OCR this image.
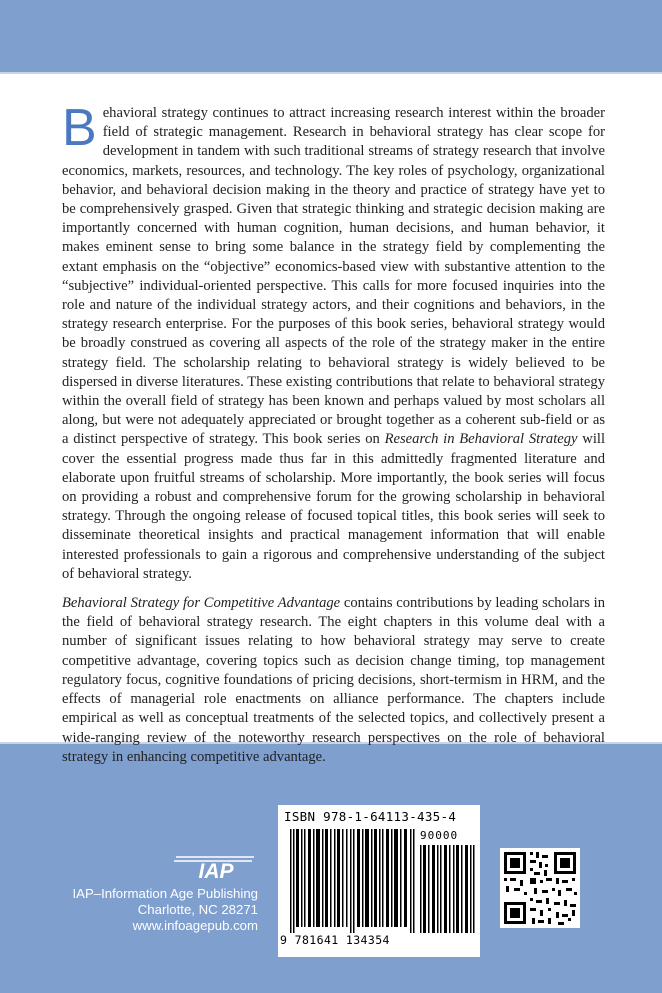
Behavioral strategy continues to attract increasing research interest within the broader field of strategic management. Research in behavioral strategy has clear scope for development in tandem with such traditional streams of strategy research that involve economics, markets, resources, and technology. The key roles of psychology, organizational behavior, and behavioral decision making in the theory and practice of strategy have yet to be comprehensively grasped. Given that strategic thinking and strategic decision making are importantly concerned with human cognition, human decisions, and human behavior, it makes eminent sense to bring some balance in the strategy field by complementing the extant emphasis on the “objective” economics-based view with substantive attention to the “subjective” individual-oriented perspective. This calls for more focused inquiries into the role and nature of the individual strategy actors, and their cognitions and behaviors, in the strategy research enterprise. For the purposes of this book series, behavioral strategy would be broadly construed as covering all aspects of the role of the strategy maker in the entire strategy field. The scholarship relating to behavioral strategy is widely believed to be dispersed in diverse literatures. These existing contributions that relate to behavioral strategy within the overall field of strategy has been known and perhaps valued by most scholars all along, but were not adequately appreciated or brought together as a coherent sub-field or as a distinct perspective of strategy. This book series on Research in Behavioral Strategy will cover the essential progress made thus far in this admittedly fragmented literature and elaborate upon fruitful streams of scholarship. More importantly, the book series will focus on providing a robust and comprehensive forum for the growing scholarship in behavioral strategy. Through the ongoing release of focused topical titles, this book series will seek to disseminate theoretical insights and practical management information that will enable interested professionals to gain a rigorous and comprehensive understanding of the subject of behavioral strategy.

Behavioral Strategy for Competitive Advantage contains contributions by leading scholars in the field of behavioral strategy research. The eight chapters in this volume deal with a number of significant issues relating to how behavioral strategy may serve to create competitive advantage, covering topics such as decision change timing, top management regulatory focus, cognitive foundations of pricing decisions, short-termism in HRM, and the effects of managerial role enactments on alliance performance. The chapters include empirical as well as conceptual treatments of the selected topics, and collectively present a wide-ranging review of the noteworthy research perspectives on the role of behavioral strategy in enhancing competitive advantage.

IAP
IAP–Information Age Publishing
Charlotte, NC 28271
www.infoagepub.com
ISBN 978-1-64113-435-4
90000
9 781641 134354
